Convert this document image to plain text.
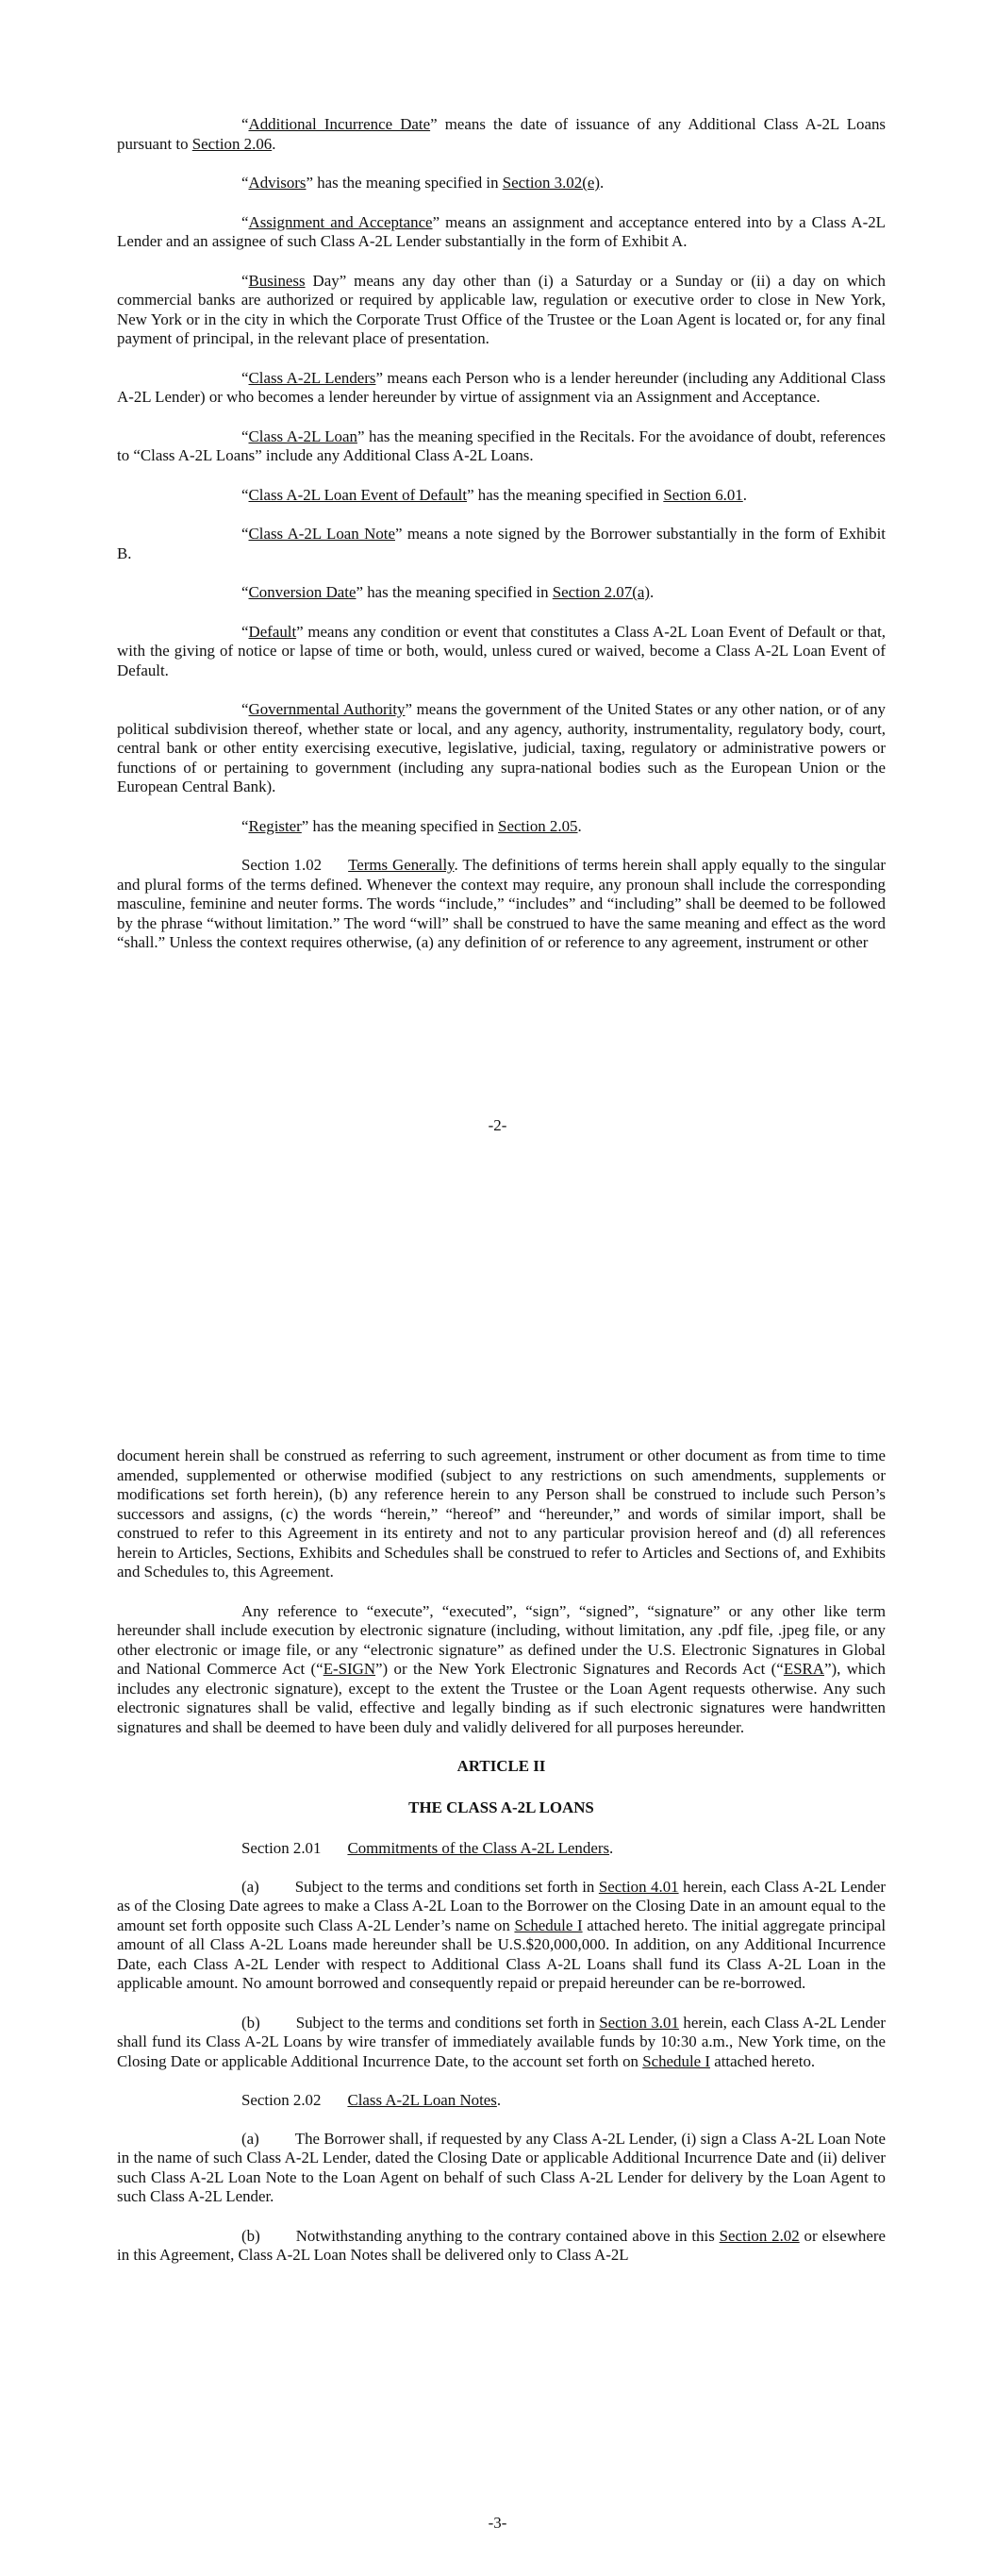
“Additional Incurrence Date” means the date of issuance of any Additional Class A-2L Loans pursuant to Section 2.06.

“Advisors” has the meaning specified in Section 3.02(e).

“Assignment and Acceptance” means an assignment and acceptance entered into by a Class A-2L Lender and an assignee of such Class A-2L Lender substantially in the form of Exhibit A.

“Business Day” means any day other than (i) a Saturday or a Sunday or (ii) a day on which commercial banks are authorized or required by applicable law, regulation or executive order to close in New York, New York or in the city in which the Corporate Trust Office of the Trustee or the Loan Agent is located or, for any final payment of principal, in the relevant place of presentation.

“Class A-2L Lenders” means each Person who is a lender hereunder (including any Additional Class A-2L Lender) or who becomes a lender hereunder by virtue of assignment via an Assignment and Acceptance.

“Class A-2L Loan” has the meaning specified in the Recitals. For the avoidance of doubt, references to “Class A-2L Loans” include any Additional Class A-2L Loans.

“Class A-2L Loan Event of Default” has the meaning specified in Section 6.01.

“Class A-2L Loan Note” means a note signed by the Borrower substantially in the form of Exhibit B.

“Conversion Date” has the meaning specified in Section 2.07(a).

“Default” means any condition or event that constitutes a Class A-2L Loan Event of Default or that, with the giving of notice or lapse of time or both, would, unless cured or waived, become a Class A-2L Loan Event of Default.

“Governmental Authority” means the government of the United States or any other nation, or of any political subdivision thereof, whether state or local, and any agency, authority, instrumentality, regulatory body, court, central bank or other entity exercising executive, legislative, judicial, taxing, regulatory or administrative powers or functions of or pertaining to government (including any supra-national bodies such as the European Union or the European Central Bank).

“Register” has the meaning specified in Section 2.05.

Section 1.02 Terms Generally. The definitions of terms herein shall apply equally to the singular and plural forms of the terms defined. Whenever the context may require, any pronoun shall include the corresponding masculine, feminine and neuter forms. The words “include,” “includes” and “including” shall be deemed to be followed by the phrase “without limitation.” The word “will” shall be construed to have the same meaning and effect as the word “shall.” Unless the context requires otherwise, (a) any definition of or reference to any agreement, instrument or other

-2-

document herein shall be construed as referring to such agreement, instrument or other document as from time to time amended, supplemented or otherwise modified (subject to any restrictions on such amendments, supplements or modifications set forth herein), (b) any reference herein to any Person shall be construed to include such Person’s successors and assigns, (c) the words “herein,” “hereof” and “hereunder,” and words of similar import, shall be construed to refer to this Agreement in its entirety and not to any particular provision hereof and (d) all references herein to Articles, Sections, Exhibits and Schedules shall be construed to refer to Articles and Sections of, and Exhibits and Schedules to, this Agreement.

Any reference to “execute”, “executed”, “sign”, “signed”, “signature” or any other like term hereunder shall include execution by electronic signature (including, without limitation, any .pdf file, .jpeg file, or any other electronic or image file, or any “electronic signature” as defined under the U.S. Electronic Signatures in Global and National Commerce Act (“E-SIGN”) or the New York Electronic Signatures and Records Act (“ESRA”), which includes any electronic signature), except to the extent the Trustee or the Loan Agent requests otherwise. Any such electronic signatures shall be valid, effective and legally binding as if such electronic signatures were handwritten signatures and shall be deemed to have been duly and validly delivered for all purposes hereunder.

ARTICLE II
THE CLASS A-2L LOANS

Section 2.01 Commitments of the Class A-2L Lenders.

(a) Subject to the terms and conditions set forth in Section 4.01 herein, each Class A-2L Lender as of the Closing Date agrees to make a Class A-2L Loan to the Borrower on the Closing Date in an amount equal to the amount set forth opposite such Class A-2L Lender’s name on Schedule I attached hereto. The initial aggregate principal amount of all Class A-2L Loans made hereunder shall be U.S.$20,000,000. In addition, on any Additional Incurrence Date, each Class A-2L Lender with respect to Additional Class A-2L Loans shall fund its Class A-2L Loan in the applicable amount. No amount borrowed and consequently repaid or prepaid hereunder can be re-borrowed.

(b) Subject to the terms and conditions set forth in Section 3.01 herein, each Class A-2L Lender shall fund its Class A-2L Loans by wire transfer of immediately available funds by 10:30 a.m., New York time, on the Closing Date or applicable Additional Incurrence Date, to the account set forth on Schedule I attached hereto.

Section 2.02 Class A-2L Loan Notes.

(a) The Borrower shall, if requested by any Class A-2L Lender, (i) sign a Class A-2L Loan Note in the name of such Class A-2L Lender, dated the Closing Date or applicable Additional Incurrence Date and (ii) deliver such Class A-2L Loan Note to the Loan Agent on behalf of such Class A-2L Lender for delivery by the Loan Agent to such Class A-2L Lender.

(b) Notwithstanding anything to the contrary contained above in this Section 2.02 or elsewhere in this Agreement, Class A-2L Loan Notes shall be delivered only to Class A-2L

-3-
